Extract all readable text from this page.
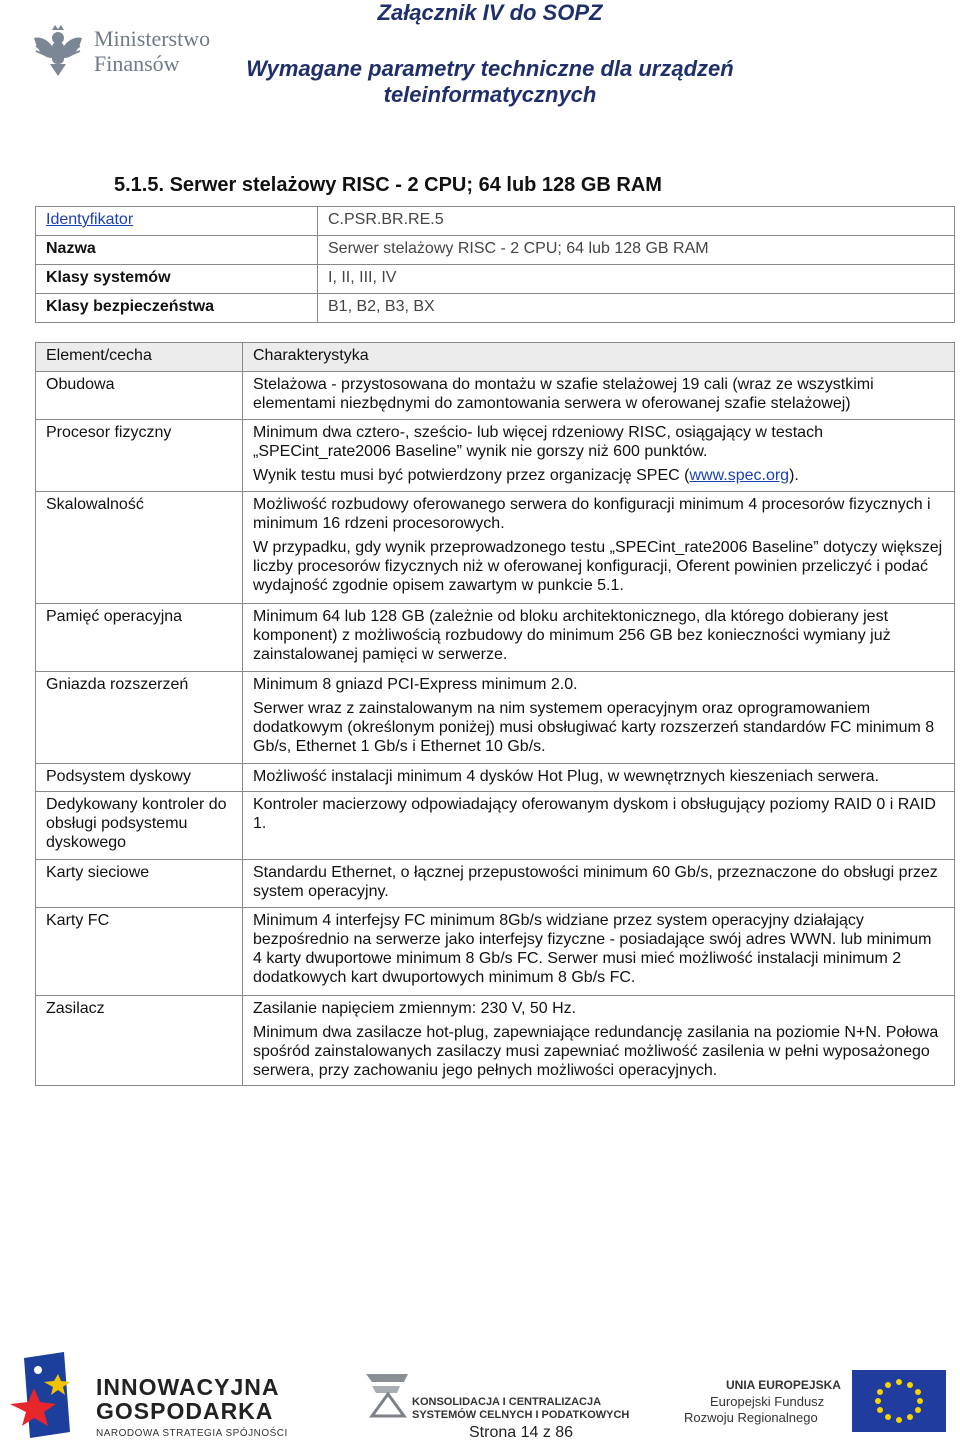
Ministerstwo
Finansów
Załącznik IV do SOPZ
Wymagane parametry techniczne dla urządzeń teleinformatycznych
5.1.5. Serwer stelażowy RISC - 2 CPU; 64 lub 128 GB RAM
Identyfikator	C.PSR.BR.RE.5
Nazwa	Serwer stelażowy RISC - 2 CPU; 64 lub 128 GB RAM
Klasy systemów	I, II, III, IV
Klasy bezpieczeństwa	B1, B2, B3, BX
Element/cecha	Charakterystyka
Obudowa	Stelażowa - przystosowana do montażu w szafie stelażowej 19 cali (wraz ze wszystkimi elementami niezbędnymi do zamontowania serwera w oferowanej szafie stelażowej)

Procesor fizyczny	Minimum dwa cztero-, sześcio- lub więcej rdzeniowy RISC, osiągający w testach „SPECint_rate2006 Baseline” wynik nie gorszy niż 600 punktów.

Wynik testu musi być potwierdzony przez organizację SPEC (www.spec.org).

Skalowalność	Możliwość rozbudowy oferowanego serwera do konfiguracji minimum 4 procesorów fizycznych i minimum 16 rdzeni procesorowych.

W przypadku, gdy wynik przeprowadzonego testu „SPECint_rate2006 Baseline” dotyczy większej liczby procesorów fizycznych niż w oferowanej konfiguracji, Oferent powinien przeliczyć i podać wydajność zgodnie opisem zawartym w punkcie 5.1.

Pamięć operacyjna	Minimum 64 lub 128 GB (zależnie od bloku architektonicznego, dla którego dobierany jest komponent) z możliwością rozbudowy do minimum 256 GB bez konieczności wymiany już zainstalowanej pamięci w serwerze.

Gniazda rozszerzeń	Minimum 8 gniazd PCI-Express minimum 2.0.

Serwer wraz z zainstalowanym na nim systemem operacyjnym oraz oprogramowaniem dodatkowym (określonym poniżej) musi obsługiwać karty rozszerzeń standardów FC minimum 8 Gb/s, Ethernet 1 Gb/s i Ethernet 10 Gb/s.

Podsystem dyskowy	Możliwość instalacji minimum 4 dysków Hot Plug, w wewnętrznych kieszeniach serwera.

Dedykowany kontroler do obsługi podsystemu dyskowego	Kontroler macierzowy odpowiadający oferowanym dyskom i obsługujący poziomy RAID 0 i RAID 1.

Karty sieciowe	Standardu Ethernet, o łącznej przepustowości minimum 60 Gb/s, przeznaczone do obsługi przez system operacyjny.

Karty FC	Minimum 4 interfejsy FC minimum 8Gb/s widziane przez system operacyjny działający bezpośrednio na serwerze jako interfejsy fizyczne - posiadające swój adres WWN. lub minimum 4 karty dwuportowe minimum 8 Gb/s FC. Serwer musi mieć możliwość instalacji minimum 2 dodatkowych kart dwuportowych minimum 8 Gb/s FC.

Zasilacz	Zasilanie napięciem zmiennym: 230 V, 50 Hz.

Minimum dwa zasilacze hot-plug, zapewniające redundancję zasilania na poziomie N+N. Połowa spośród zainstalowanych zasilaczy musi zapewniać możliwość zasilenia w pełni wyposażonego serwera, przy zachowaniu jego pełnych możliwości operacyjnych.

INNOWACYJNA
GOSPODARKA
NARODOWA STRATEGIA SPÓJNOŚCI
KONSOLIDACJA I CENTRALIZACJA
SYSTEMÓW CELNYCH I PODATKOWYCH
UNIA EUROPEJSKA
Europejski Fundusz
Rozwoju Regionalnego
Strona 14 z 86
